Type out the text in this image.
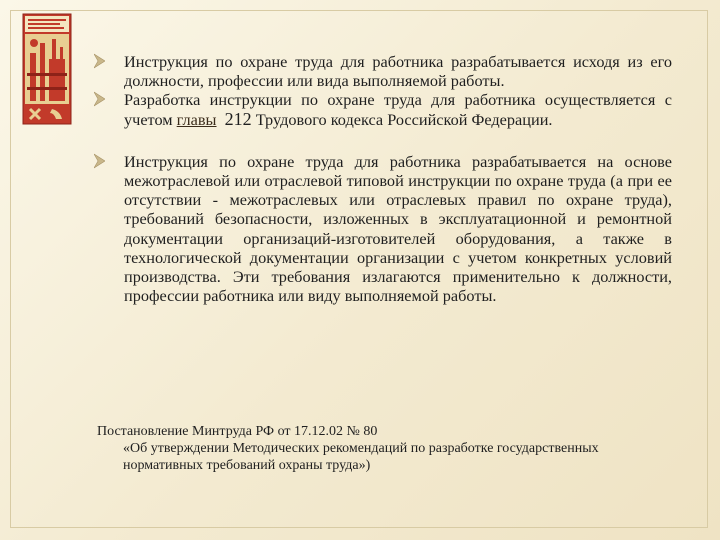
Инструкция по охране труда для работника разрабатывается исходя из его должности, профессии или вида выполняемой работы.
Разработка инструкции по охране труда для работника осуществляется с учетом главы 212 Трудового кодекса Российской Федерации.
Инструкция по охране труда для работника разрабатывается на основе межотраслевой или отраслевой типовой инструкции по охране труда (а при ее отсутствии - межотраслевых или отраслевых правил по охране труда), требований безопасности, изложенных в эксплуатационной и ремонтной документации организаций-изготовителей оборудования, а также в технологической документации организации с учетом конкретных условий производства. Эти требования излагаются применительно к должности, профессии работника или виду выполняемой работы.
Постановление Минтруда РФ от 17.12.02 № 80
«Об утверждении Методических рекомендаций по разработке государственных нормативных требований охраны труда»)
